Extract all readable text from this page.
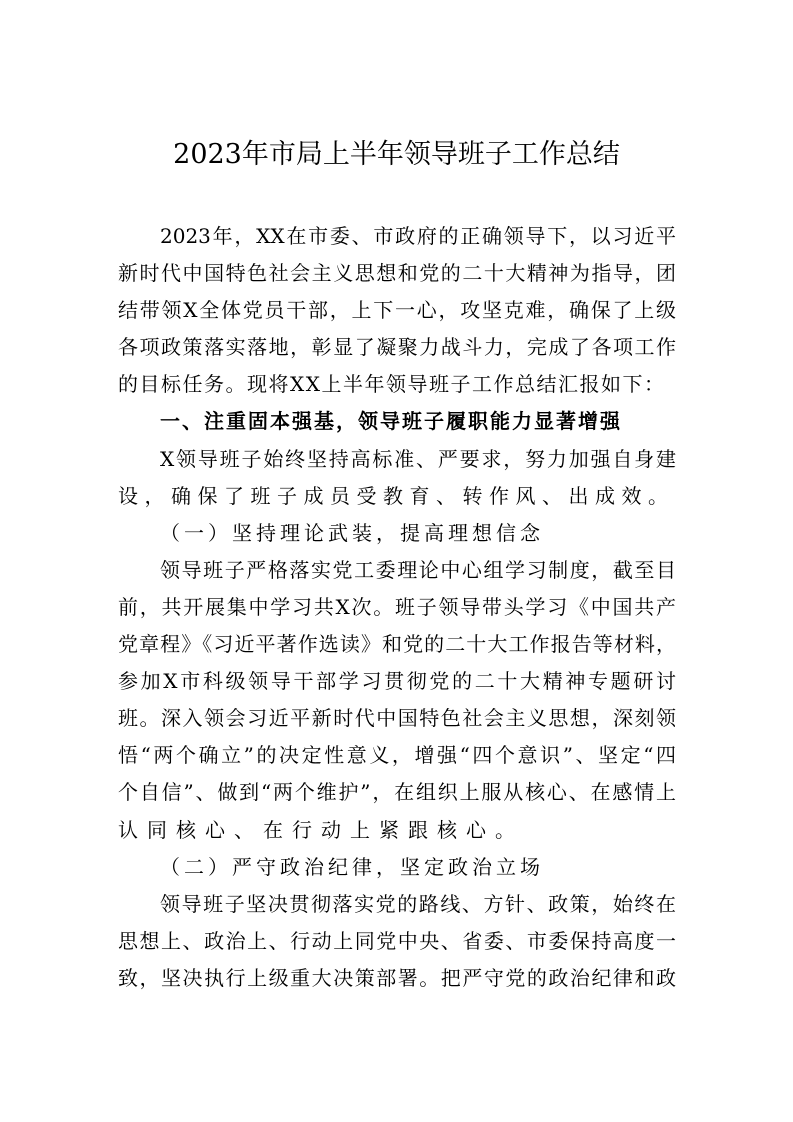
2023年市局上半年领导班子工作总结
2023年，XX在市委、市政府的正确领导下，以习近平
新时代中国特色社会主义思想和党的二十大精神为指导，团
结带领X全体党员干部，上下一心，攻坚克难，确保了上级
各项政策落实落地，彰显了凝聚力战斗力，完成了各项工作
的目标任务。现将XX上半年领导班子工作总结汇报如下：
一、注重固本强基，领导班子履职能力显著增强
X领导班子始终坚持高标准、严要求，努力加强自身建
设，确保了班子成员受教育、转作风、出成效。
（一）坚持理论武装，提高理想信念
领导班子严格落实党工委理论中心组学习制度，截至目
前，共开展集中学习共X次。班子领导带头学习《中国共产
党章程》《习近平著作选读》和党的二十大工作报告等材料，
参加X市科级领导干部学习贯彻党的二十大精神专题研讨
班。深入领会习近平新时代中国特色社会主义思想，深刻领
悟“两个确立”的决定性意义，增强“四个意识”、坚定“四
个自信”、做到“两个维护”，在组织上服从核心、在感情上
认同核心、在行动上紧跟核心。
（二）严守政治纪律，坚定政治立场
领导班子坚决贯彻落实党的路线、方针、政策，始终在
思想上、政治上、行动上同党中央、省委、市委保持高度一
致，坚决执行上级重大决策部署。把严守党的政治纪律和政
